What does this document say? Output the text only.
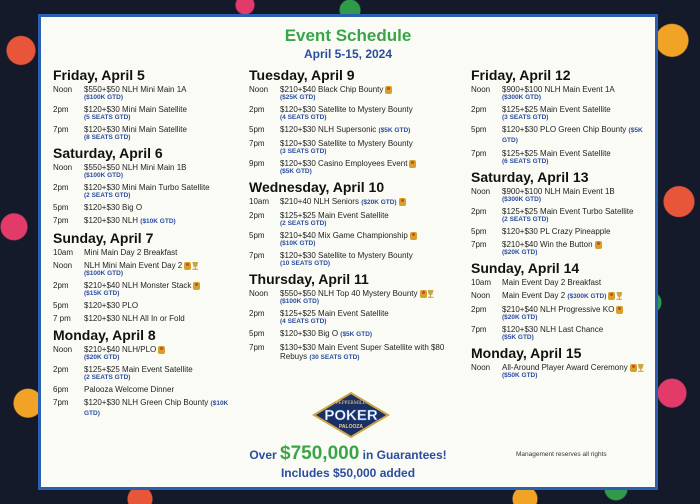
Event Schedule
April 5-15, 2024
Friday, April 5
Noon	$550+$50 NLH Mini Main 1A
($100K GTD)
2pm	$120+$30 Mini Main Satellite
(5 SEATS GTD)
7pm	$120+$30 Mini Main Satellite
(8 SEATS GTD)
Saturday, April 6
Noon	$550+$50 NLH Mini Main 1B
($100K GTD)
2pm	$120+$30 Mini Main Turbo Satellite
(2 SEATS GTD)
5pm	$120+$30 Big O
7pm	$120+$30 NLH ($10K GTD)
Sunday, April 7
10am	Mini Main Day 2 Breakfast
Noon	NLH Mini Main Event Day 2
($100K GTD)
2pm	$210+$40 NLH Monster Stack
($15K GTD)
5pm	$120+$30 PLO
7 pm	$120+$30 NLH All In or Fold
Monday, April 8
Noon	$210+$40 NLH/PLO
($20K GTD)
2pm	$125+$25 Main Event Satellite
(2 SEATS GTD)
6pm	Palooza Welcome Dinner
7pm	$120+$30 NLH Green Chip Bounty ($10K GTD)
Tuesday, April 9
Noon	$210+$40 Black Chip Bounty
($25K GTD)
2pm	$120+$30 Satellite to Mystery Bounty
(4 SEATS GTD)
5pm	$120+$30 NLH Supersonic ($5K GTD)
7pm	$120+$30 Satellite to Mystery Bounty
(3 SEATS GTD)
9pm	$120+$30 Casino Employees Event
($5K GTD)
Wednesday, April 10
10am	$210+40 NLH Seniors ($20K GTD)
2pm	$125+$25 Main Event Satellite
(2 SEATS GTD)
5pm	$210+$40 Mix Game Championship
($10K GTD)
7pm	$120+$30 Satellite to Mystery Bounty
(10 SEATS GTD)
Thursday, April 11
Noon	$550+$50 NLH Top 40 Mystery Bounty
($100K GTD)
2pm	$125+$25 Main Event Satellite
(4 SEATS GTD)
5pm	$120+$30 Big O ($5K GTD)
7pm	$130+$30 Main Event Super Satellite with $80 Rebuys (30 SEATS GTD)
Friday, April 12
Noon	$900+$100 NLH Main Event 1A
($300K GTD)
2pm	$125+$25 Main Event Satellite
(3 SEATS GTD)
5pm	$120+$30 PLO Green Chip Bounty ($5K GTD)
7pm	$125+$25 Main Event Satellite
(6 SEATS GTD)
Saturday, April 13
Noon	$900+$100 NLH Main Event 1B
($300K GTD)
2pm	$125+$25 Main Event Turbo Satellite
(2 SEATS GTD)
5pm	$120+$30 PL Crazy Pineapple
7pm	$210+$40 Win the Button
($20K GTD)
Sunday, April 14
10am	Main Event Day 2 Breakfast
Noon	Main Event Day 2 ($300K GTD)
2pm	$210+$40 NLH Progressive KO
($20K GTD)
7pm	$120+$30 NLH Last Chance
($5K GTD)
Monday, April 15
Noon	All-Around Player Award Ceremony
($50K GTD)
PEPPERMILL
POKER
PALOOZA
Over $750,000 in Guarantees!
Includes $50,000 added
Management reserves all rights
